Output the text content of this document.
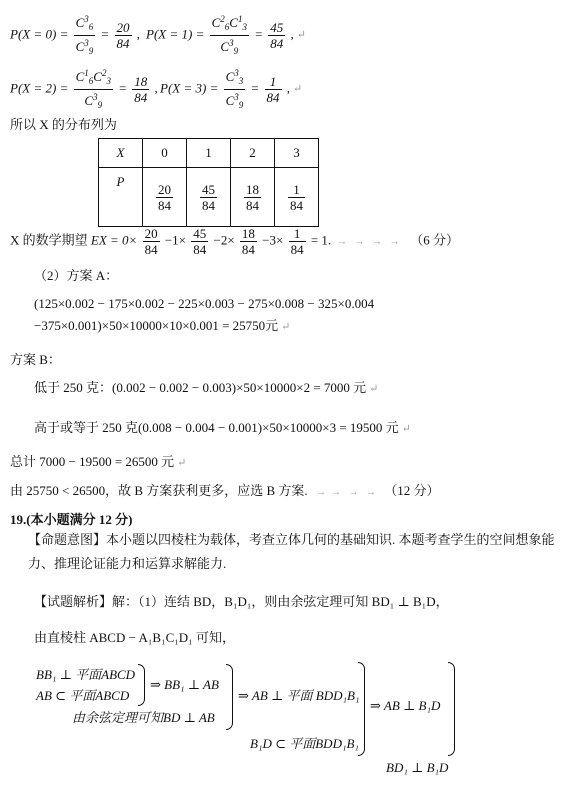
$P(X = 0) = \frac{C^3_6}{C^3_9} = \frac{20}{84}$ , $P(X = 1) = \frac{C^2_6C^1_3}{C^3_9} = \frac{45}{84}$ , ↵
$P(X = 2) = \frac{C^1_6C^2_3}{C^3_9} = \frac{18}{84}$ , $P(X = 3) = \frac{C^3_3}{C^3_9} = \frac{1}{84}$ , ↵
所以 X 的分布列为
X	0	1	2	3
P	$\frac{20}{84}$	$\frac{45}{84}$	$\frac{18}{84}$	$\frac{1}{84}$
X 的数学期望 EX = $0\times \frac{20}{84} -1\times \frac{45}{84} -2\times \frac{18}{84} -3\times \frac{1}{84} = 1$.  →   →   →   →    （6 分）
（2）方案 A：
(125×0.002 − 175×0.002 − 225×0.003 − 275×0.008 − 325×0.004
−375×0.001)×50×10000×10×0.001 = 25750元 ↵
方案 B：
低于 250 克：(0.002 − 0.002 − 0.003)×50×10000×2 = 7000 元 ↵
高于或等于 250 克(0.008 − 0.004 − 0.001)×50×10000×3 = 19500 元 ↵
总计 7000 − 19500 = 26500 元 ↵
由 25750 < 26500，故 B 方案获利更多，应选 B 方案.   →  →   →   →   （12 分）
19.(本小题满分 12 分)
【命题意图】本小题以四棱柱为载体，考查立体几何的基础知识. 本题考查学生的空间想象能
力、推理论证能力和运算求解能力.
【试题解析】解：（1）连结 BD，B₁D₁，则由余弦定理可知 BD₁ ⊥ B₁D，
由直棱柱 ABCD − A₁B₁C₁D₁ 可知，
BB₁ ⊥ 平面ABCD
AB ⊂ 平面ABCD
⇒ BB₁ ⊥ AB
由余弦定理可知BD ⊥ AB
⇒ AB ⊥ 平面 BDD₁B₁
B₁D ⊂ 平面BDD₁B₁
⇒ AB ⊥ B₁D
BD₁ ⊥ B₁D
